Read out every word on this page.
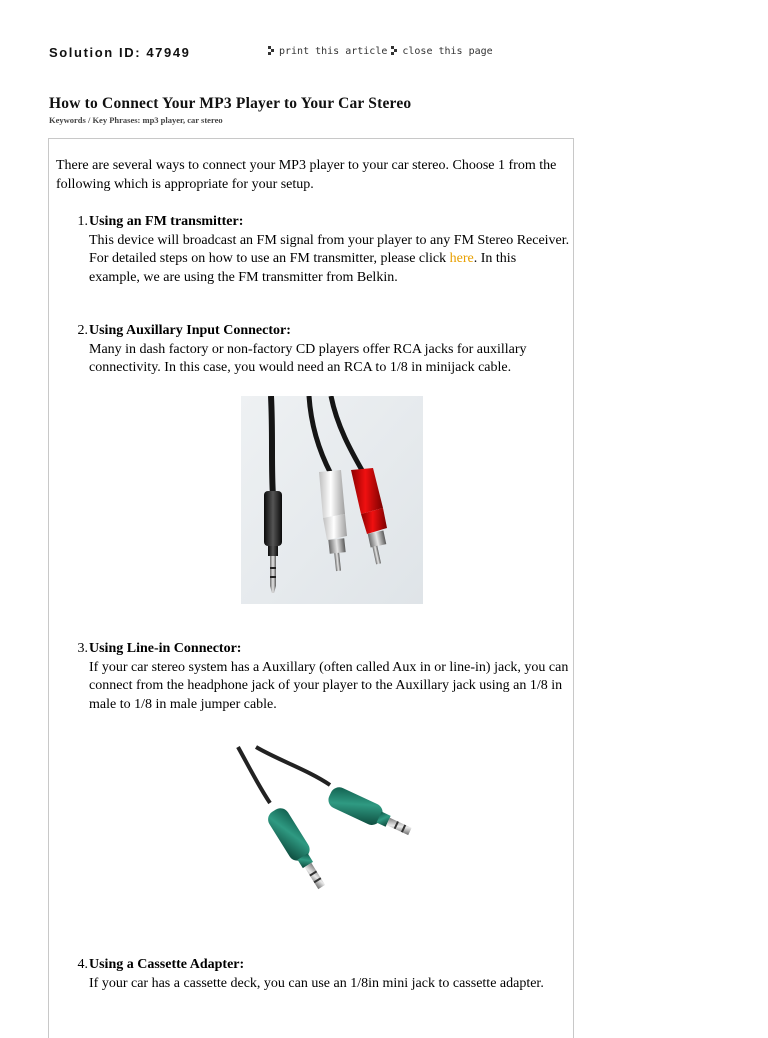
Solution ID: 47949	print this article close this page
How to Connect Your MP3 Player to Your Car Stereo
Keywords / Key Phrases: mp3 player, car stereo
There are several ways to connect your MP3 player to your car stereo. Choose 1 from the following which is appropriate for your setup.
1. Using an FM transmitter:
This device will broadcast an FM signal from your player to any FM Stereo Receiver. For detailed steps on how to use an FM transmitter, please click here. In this example, we are using the FM transmitter from Belkin.
2. Using Auxillary Input Connector:
Many in dash factory or non-factory CD players offer RCA jacks for auxillary connectivity. In this case, you would need an RCA to 1/8 in minijack cable.
3. Using Line-in Connector:
If your car stereo system has a Auxillary (often called Aux in or line-in) jack, you can connect from the headphone jack of your player to the Auxillary jack using an 1/8 in male to 1/8 in male jumper cable.
4. Using a Cassette Adapter:
If your car has a cassette deck, you can use an 1/8in mini jack to cassette adapter.
